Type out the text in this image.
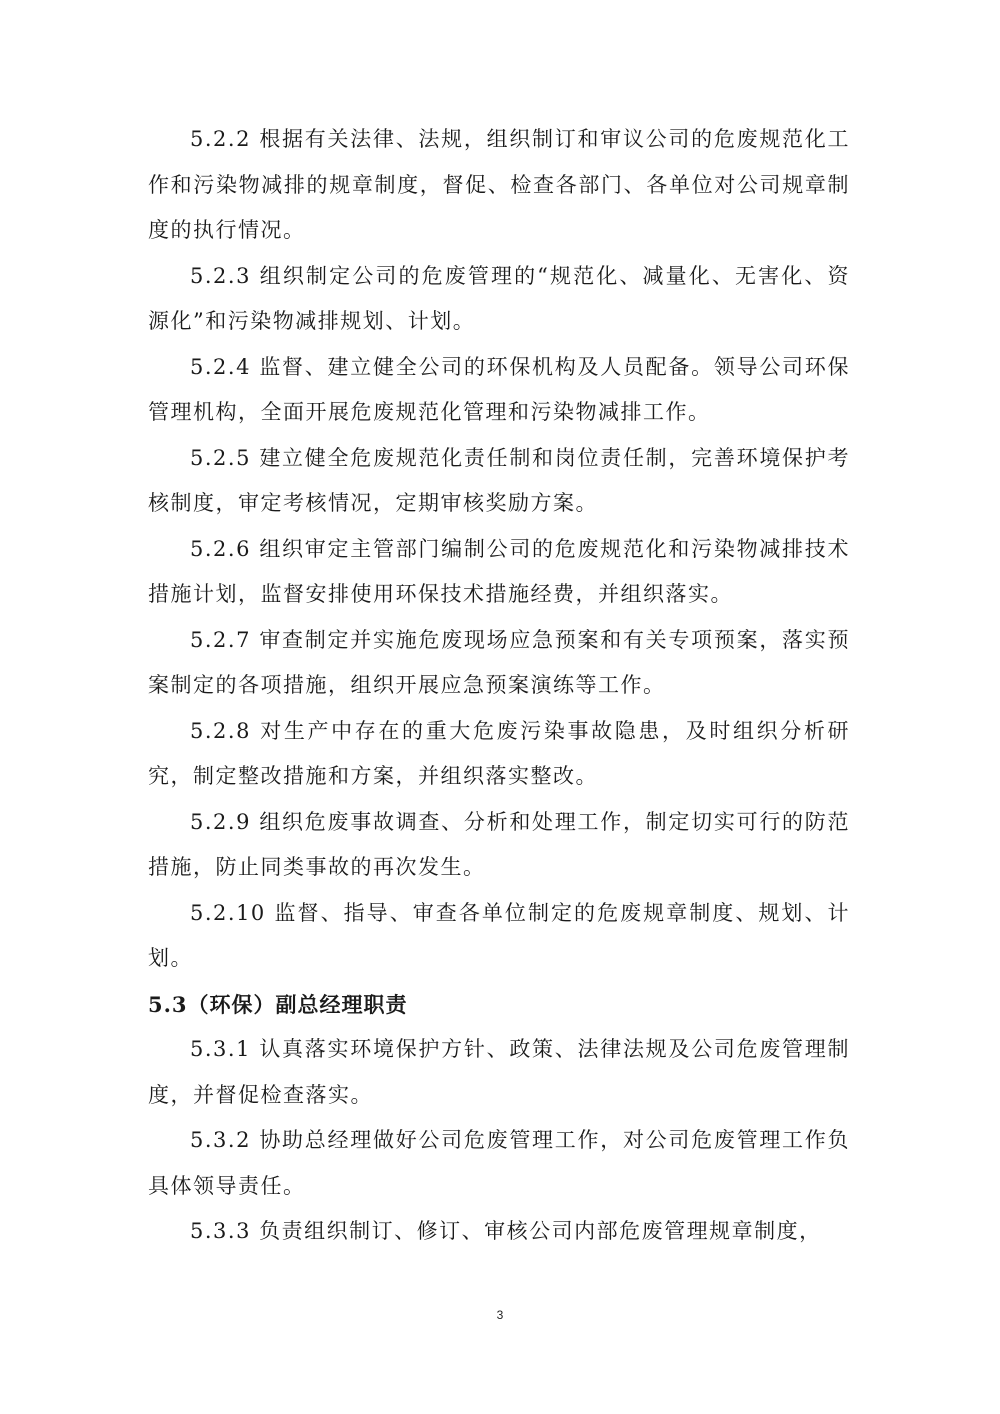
5.2.2 根据有关法律、法规，组织制订和审议公司的危废规范化工作和污染物减排的规章制度，督促、检查各部门、各单位对公司规章制度的执行情况。

5.2.3 组织制定公司的危废管理的“规范化、减量化、无害化、资源化”和污染物减排规划、计划。

5.2.4 监督、建立健全公司的环保机构及人员配备。领导公司环保管理机构，全面开展危废规范化管理和污染物减排工作。

5.2.5 建立健全危废规范化责任制和岗位责任制，完善环境保护考核制度，审定考核情况，定期审核奖励方案。

5.2.6 组织审定主管部门编制公司的危废规范化和污染物减排技术措施计划，监督安排使用环保技术措施经费，并组织落实。

5.2.7 审查制定并实施危废现场应急预案和有关专项预案，落实预案制定的各项措施，组织开展应急预案演练等工作。

5.2.8 对生产中存在的重大危废污染事故隐患，及时组织分析研究，制定整改措施和方案，并组织落实整改。

5.2.9 组织危废事故调查、分析和处理工作，制定切实可行的防范措施，防止同类事故的再次发生。

5.2.10 监督、指导、审查各单位制定的危废规章制度、规划、计划。

5.3（环保）副总经理职责

5.3.1 认真落实环境保护方针、政策、法律法规及公司危废管理制度，并督促检查落实。

5.3.2 协助总经理做好公司危废管理工作，对公司危废管理工作负具体领导责任。

5.3.3 负责组织制订、修订、审核公司内部危废管理规章制度，

3
